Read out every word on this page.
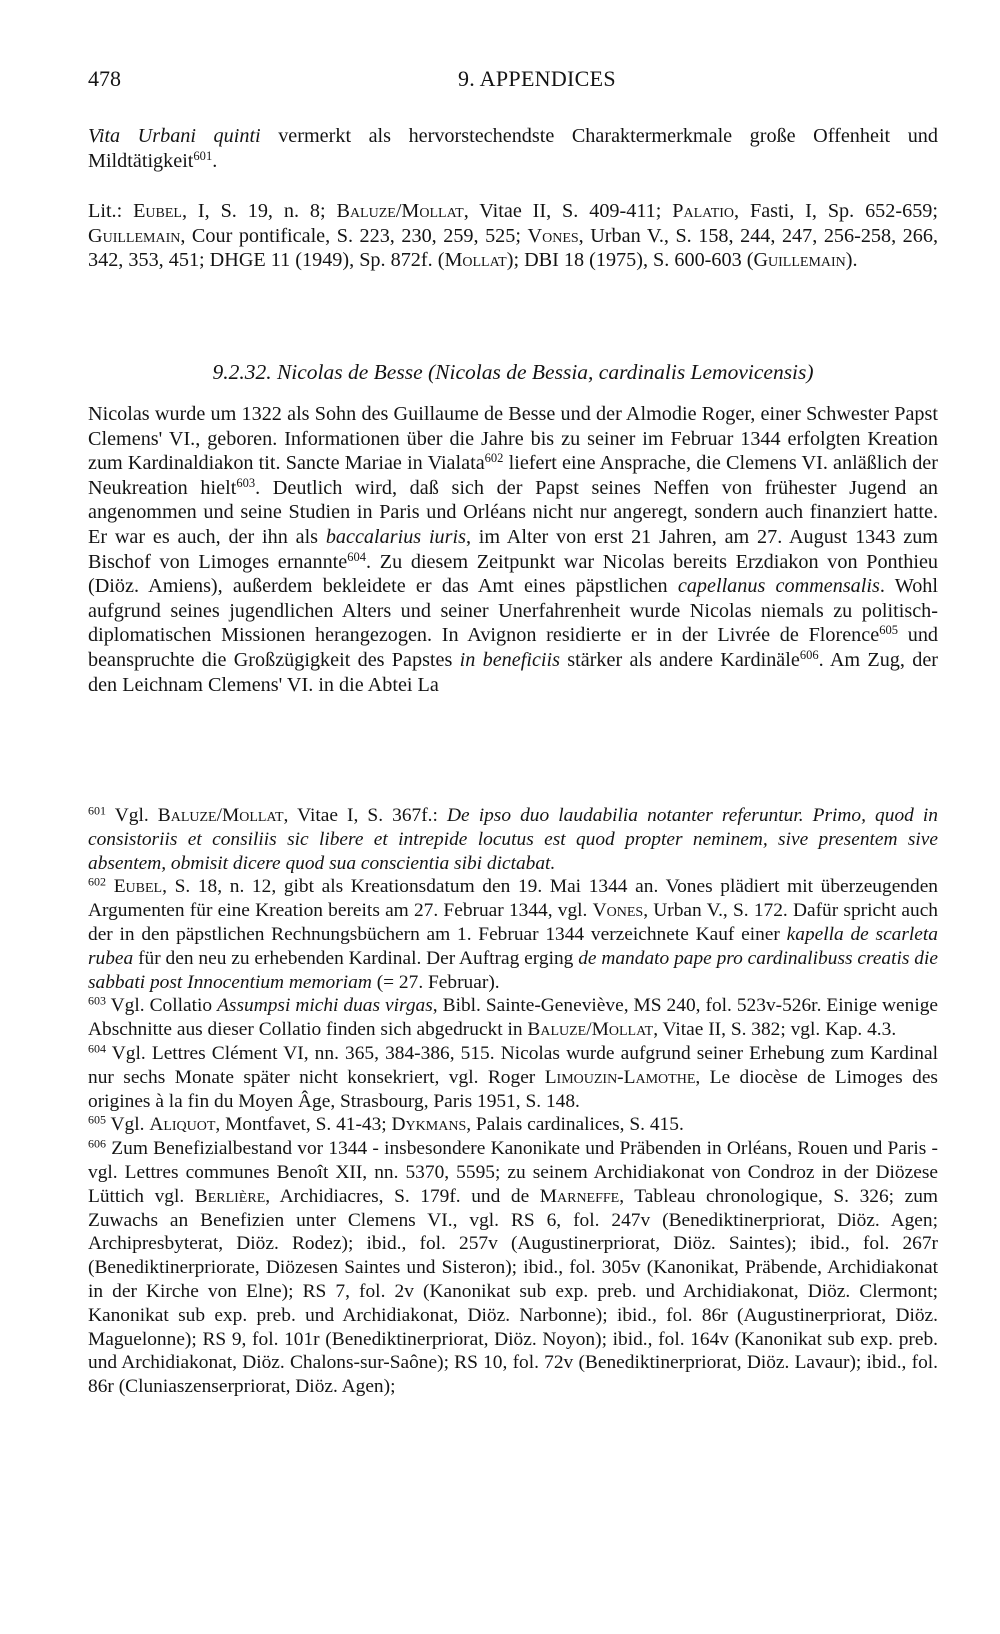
478	9. APPENDICES

Vita Urbani quinti vermerkt als hervorstechendste Charaktermerkmale große Offenheit und Mildtätigkeit$^{601}$.

Lit.: Eubel, I, S. 19, n. 8; Baluze/Mollat, Vitae II, S. 409-411; Palatio, Fasti, I, Sp. 652-659; Guillemain, Cour pontificale, S. 223, 230, 259, 525; Vones, Urban V., S. 158, 244, 247, 256-258, 266, 342, 353, 451; DHGE 11 (1949), Sp. 872f. (Mollat); DBI 18 (1975), S. 600-603 (Guillemain).

9.2.32. Nicolas de Besse (Nicolas de Bessia, cardinalis Lemovicensis)

Nicolas wurde um 1322 als Sohn des Guillaume de Besse und der Almodie Roger, einer Schwester Papst Clemens' VI., geboren. Informationen über die Jahre bis zu seiner im Februar 1344 erfolgten Kreation zum Kardinaldiakon tit. Sancte Mariae in Vialata$^{602}$ liefert eine Ansprache, die Clemens VI. anläßlich der Neukreation hielt$^{603}$. Deutlich wird, daß sich der Papst seines Neffen von frühester Jugend an angenommen und seine Studien in Paris und Orléans nicht nur angeregt, sondern auch finanziert hatte. Er war es auch, der ihn als baccalarius iuris, im Alter von erst 21 Jahren, am 27. August 1343 zum Bischof von Limoges ernannte$^{604}$. Zu diesem Zeitpunkt war Nicolas bereits Erzdiakon von Ponthieu (Diöz. Amiens), außerdem bekleidete er das Amt eines päpstlichen capellanus commensalis. Wohl aufgrund seines jugendlichen Alters und seiner Unerfahrenheit wurde Nicolas niemals zu politisch-diplomatischen Missionen herangezogen. In Avignon residierte er in der Livrée de Florence$^{605}$ und beanspruchte die Großzügigkeit des Papstes in beneficiis stärker als andere Kardinäle$^{606}$. Am Zug, der den Leichnam Clemens' VI. in die Abtei La

$^{601}$ Vgl. Baluze/Mollat, Vitae I, S. 367f.: De ipso duo laudabilia notanter referuntur. Primo, quod in consistoriis et consiliis sic libere et intrepide locutus est quod propter neminem, sive presentem sive absentem, obmisit dicere quod sua conscientia sibi dictabat.

$^{602}$ Eubel, S. 18, n. 12, gibt als Kreationsdatum den 19. Mai 1344 an. Vones plädiert mit überzeugenden Argumenten für eine Kreation bereits am 27. Februar 1344, vgl. Vones, Urban V., S. 172. Dafür spricht auch der in den päpstlichen Rechnungsbüchern am 1. Februar 1344 verzeichnete Kauf einer kapella de scarleta rubea für den neu zu erhebenden Kardinal. Der Auftrag erging de mandato pape pro cardinalibuss creatis die sabbati post Innocentium memoriam (= 27. Februar).

$^{603}$ Vgl. Collatio Assumpsi michi duas virgas, Bibl. Sainte-Geneviève, MS 240, fol. 523v-526r. Einige wenige Abschnitte aus dieser Collatio finden sich abgedruckt in Baluze/Mollat, Vitae II, S. 382; vgl. Kap. 4.3.

$^{604}$ Vgl. Lettres Clément VI, nn. 365, 384-386, 515. Nicolas wurde aufgrund seiner Erhebung zum Kardinal nur sechs Monate später nicht konsekriert, vgl. Roger Limouzin-Lamothe, Le diocèse de Limoges des origines à la fin du Moyen Âge, Strasbourg, Paris 1951, S. 148.

$^{605}$ Vgl. Aliquot, Montfavet, S. 41-43; Dykmans, Palais cardinalices, S. 415.

$^{606}$ Zum Benefizialbestand vor 1344 - insbesondere Kanonikate und Präbenden in Orléans, Rouen und Paris - vgl. Lettres communes Benoît XII, nn. 5370, 5595; zu seinem Archidiakonat von Condroz in der Diözese Lüttich vgl. Berlière, Archidiacres, S. 179f. und de Marneffe, Tableau chronologique, S. 326; zum Zuwachs an Benefizien unter Clemens VI., vgl. RS 6, fol. 247v (Benediktinerpriorat, Diöz. Agen; Archipresbyterat, Diöz. Rodez); ibid., fol. 257v (Augustinerpriorat, Diöz. Saintes); ibid., fol. 267r (Benediktinerpriorate, Diözesen Saintes und Sisteron); ibid., fol. 305v (Kanonikat, Präbende, Archidiakonat in der Kirche von Elne); RS 7, fol. 2v (Kanonikat sub exp. preb. und Archidiakonat, Diöz. Clermont; Kanonikat sub exp. preb. und Archidiakonat, Diöz. Narbonne); ibid., fol. 86r (Augustinerpriorat, Diöz. Maguelonne); RS 9, fol. 101r (Benediktinerpriorat, Diöz. Noyon); ibid., fol. 164v (Kanonikat sub exp. preb. und Archidiakonat, Diöz. Chalons-sur-Saône); RS 10, fol. 72v (Benediktinerpriorat, Diöz. Lavaur); ibid., fol. 86r (Cluniaszenserpriorat, Diöz. Agen);
